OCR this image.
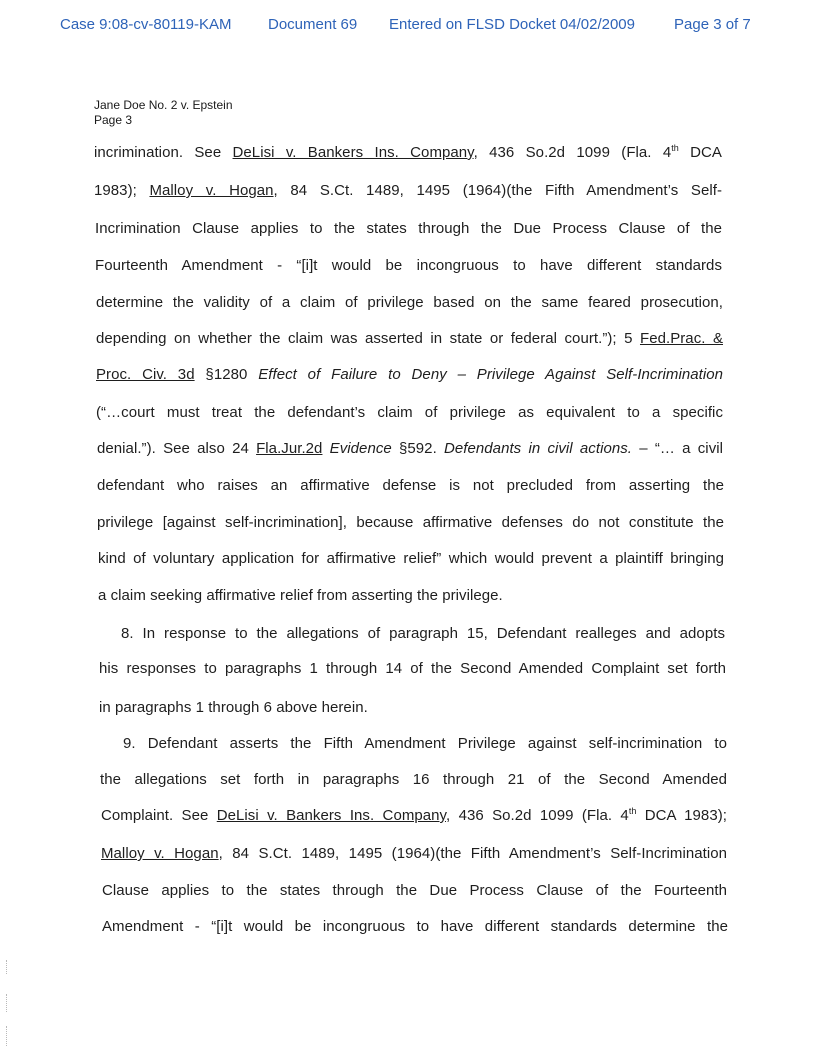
Case 9:08-cv-80119-KAM Document 69 Entered on FLSD Docket 04/02/2009	Page 3 of 7
Jane Doe No. 2 v. Epstein
Page 3
incrimination. See DeLisi v. Bankers Ins. Company, 436 So.2d 1099 (Fla. 4th DCA
1983); Malloy v. Hogan, 84 S.Ct. 1489, 1495 (1964)(the Fifth Amendment’s Self-
Incrimination Clause applies to the states through the Due Process Clause of the
Fourteenth Amendment - “[i]t would be incongruous to have different standards
determine the validity of a claim of privilege based on the same feared prosecution,
depending on whether the claim was asserted in state or federal court.”); 5 Fed.Prac. &
Proc. Civ. 3d §1280 Effect of Failure to Deny – Privilege Against Self-Incrimination
(“…court must treat the defendant’s claim of privilege as equivalent to a specific
denial.”). See also 24 Fla.Jur.2d Evidence §592. Defendants in civil actions. – “… a civil
defendant who raises an affirmative defense is not precluded from asserting the
privilege [against self-incrimination], because affirmative defenses do not constitute the
kind of voluntary application for affirmative relief” which would prevent a plaintiff bringing
a claim seeking affirmative relief from asserting the privilege.
8. In response to the allegations of paragraph 15, Defendant realleges and adopts
his responses to paragraphs 1 through 14 of the Second Amended Complaint set forth
in paragraphs 1 through 6 above herein.
9. Defendant asserts the Fifth Amendment Privilege against self-incrimination to
the allegations set forth in paragraphs 16 through 21 of the Second Amended
Complaint. See DeLisi v. Bankers Ins. Company, 436 So.2d 1099 (Fla. 4th DCA 1983);
Malloy v. Hogan, 84 S.Ct. 1489, 1495 (1964)(the Fifth Amendment’s Self-Incrimination
Clause applies to the states through the Due Process Clause of the Fourteenth
Amendment - “[i]t would be incongruous to have different standards determine the
